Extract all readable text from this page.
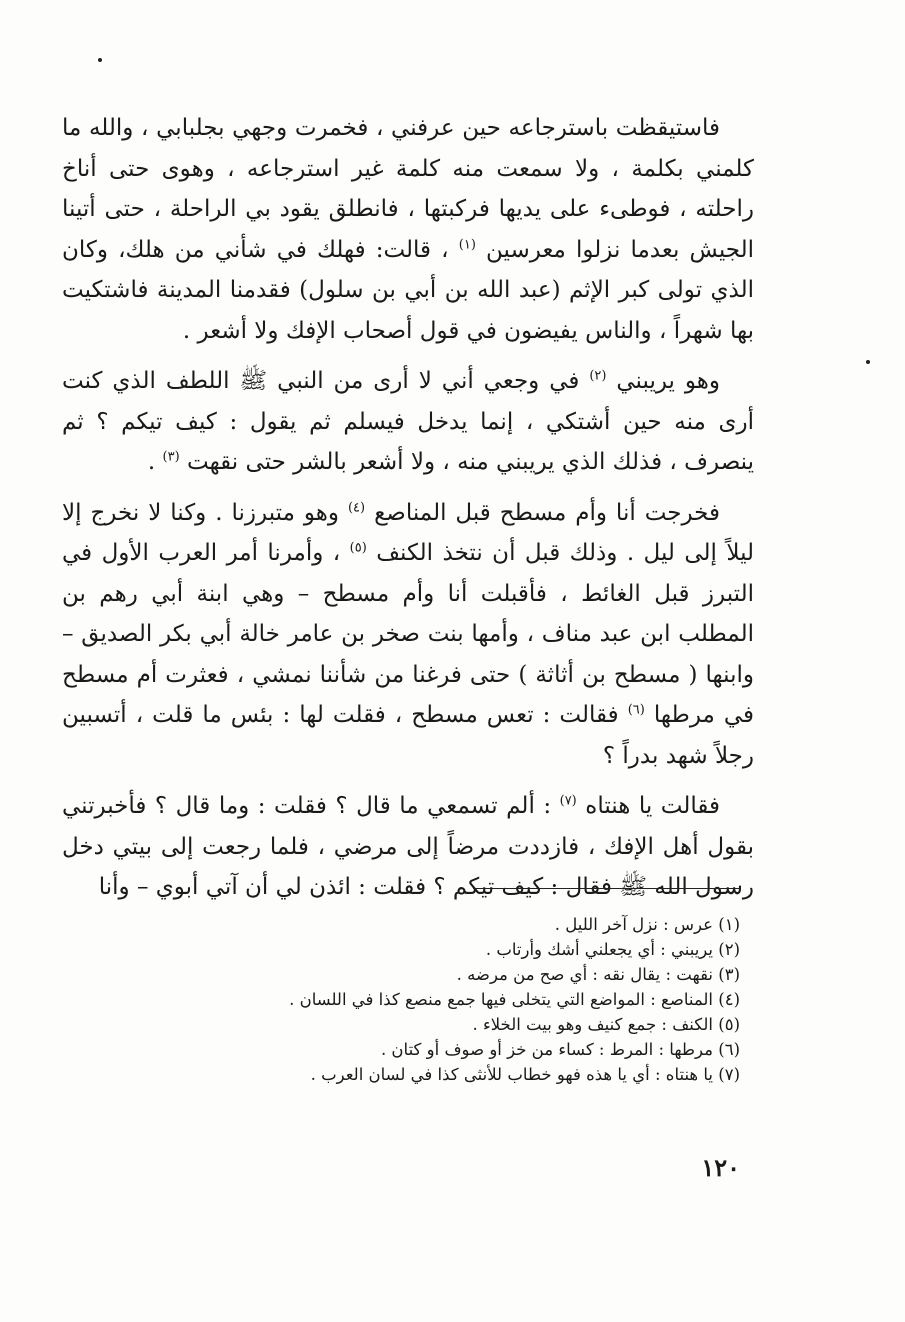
فاستيقظت باسترجاعه حين عرفني ، فخمرت وجهي بجلبابي ، والله ما كلمني بكلمة ، ولا سمعت منه كلمة غير استرجاعه ، وهوى حتى أناخ راحلته ، فوطىء على يديها فركبتها ، فانطلق يقود بي الراحلة ، حتى أتينا الجيش بعدما نزلوا معرسين $^{(١)}$ ، قالت: فهلك في شأني من هلك، وكان الذي تولى كبر الإثم (عبد الله بن أبي بن سلول) فقدمنا المدينة فاشتكيت بها شهراً ، والناس يفيضون في قول أصحاب الإفك ولا أشعر .

وهو يريبني $^{(٢)}$ في وجعي أني لا أرى من النبي ﷺ اللطف الذي كنت أرى منه حين أشتكي ، إنما يدخل فيسلم ثم يقول : كيف تيكم ؟ ثم ينصرف ، فذلك الذي يريبني منه ، ولا أشعر بالشر حتى نقهت $^{(٣)}$ .

فخرجت أنا وأم مسطح قبل المناصع $^{(٤)}$ وهو متبرزنا . وكنا لا نخرج إلا ليلاً إلى ليل . وذلك قبل أن نتخذ الكنف $^{(٥)}$ ، وأمرنا أمر العرب الأول في التبرز قبل الغائط ، فأقبلت أنا وأم مسطح – وهي ابنة أبي رهم بن المطلب ابن عبد مناف ، وأمها بنت صخر بن عامر خالة أبي بكر الصديق – وابنها ( مسطح بن أثاثة ) حتى فرغنا من شأننا نمشي ، فعثرت أم مسطح في مرطها $^{(٦)}$ فقالت : تعس مسطح ، فقلت لها : بئس ما قلت ، أتسبين رجلاً شهد بدراً ؟

فقالت يا هنتاه $^{(٧)}$ : ألم تسمعي ما قال ؟ فقلت : وما قال ؟ فأخبرتني بقول أهل الإفك ، فازددت مرضاً إلى مرضي ، فلما رجعت إلى بيتي دخل رسول الله ﷺ فقال : كيف تيكم ؟ فقلت : ائذن لي أن آتي أبوي – وأنا

(١) عرس : نزل آخر الليل .

(٢) يريبني : أي يجعلني أشك وأرتاب .

(٣) نقهت : يقال نقه : أي صح من مرضه .

(٤) المناصع : المواضع التي يتخلى فيها جمع منصع كذا في اللسان .

(٥) الكنف : جمع كنيف وهو بيت الخلاء .

(٦) مرطها : المرط : كساء من خز أو صوف أو كتان .

(٧) يا هنتاه : أي يا هذه فهو خطاب للأنثى كذا في لسان العرب .

١٢٠
